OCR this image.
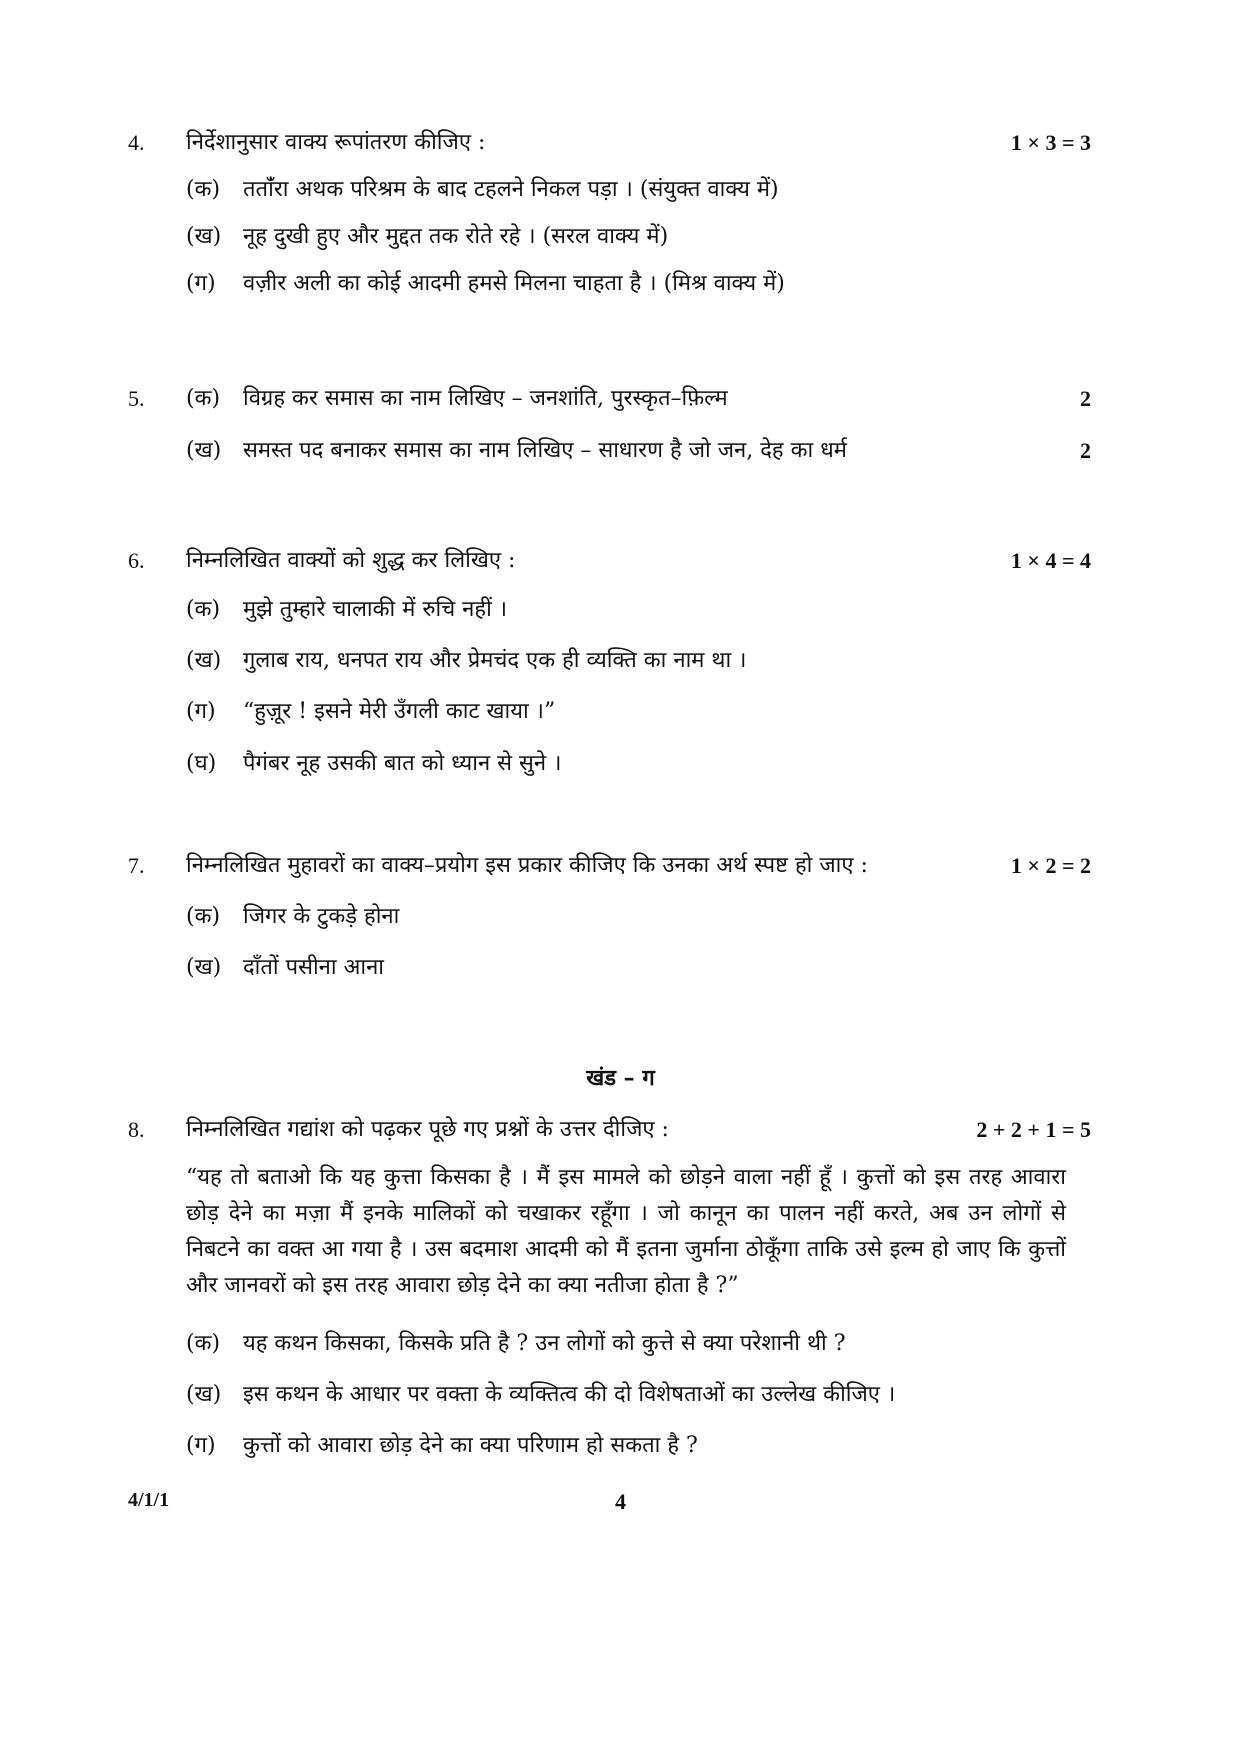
4. निर्देशानुसार वाक्य रूपांतरण कीजिए :	1 × 3 = 3
(क) ततांँरा अथक परिश्रम के बाद टहलने निकल पड़ा । (संयुक्त वाक्य में)
(ख) नूह दुखी हुए और मुद्दत तक रोते रहे । (सरल वाक्य में)
(ग) वज़ीर अली का कोई आदमी हमसे मिलना चाहता है । (मिश्र वाक्य में)
5. (क) विग्रह कर समास का नाम लिखिए – जनशांति, पुरस्कृत–फ़िल्म	2
(ख) समस्त पद बनाकर समास का नाम लिखिए – साधारण है जो जन, देह का धर्म	2
6. निम्नलिखित वाक्यों को शुद्ध कर लिखिए :	1 × 4 = 4
(क) मुझे तुम्हारे चालाकी में रुचि नहीं ।
(ख) गुलाब राय, धनपत राय और प्रेमचंद एक ही व्यक्ति का नाम था ।
(ग) “हुज़ूर ! इसने मेरी उँगली काट खाया ।”
(घ) पैगंबर नूह उसकी बात को ध्यान से सुने ।
7. निम्नलिखित मुहावरों का वाक्य–प्रयोग इस प्रकार कीजिए कि उनका अर्थ स्पष्ट हो जाए :	1 × 2 = 2
(क) जिगर के टुकड़े होना
(ख) दाँतों पसीना आना
खंड – ग
8. निम्नलिखित गद्यांश को पढ़कर पूछे गए प्रश्नों के उत्तर दीजिए :	2 + 2 + 1 = 5
“यह तो बताओ कि यह कुत्ता किसका है । मैं इस मामले को छोड़ने वाला नहीं हूँ । कुत्तों को इस तरह आवारा छोड़ देने का मज़ा मैं इनके मालिकों को चखाकर रहूँगा । जो कानून का पालन नहीं करते, अब उन लोगों से निबटने का वक्त आ गया है । उस बदमाश आदमी को मैं इतना जुर्माना ठोकूँगा ताकि उसे इल्म हो जाए कि कुत्तों और जानवरों को इस तरह आवारा छोड़ देने का क्या नतीजा होता है ?”
(क) यह कथन किसका, किसके प्रति है ? उन लोगों को कुत्ते से क्या परेशानी थी ?
(ख) इस कथन के आधार पर वक्ता के व्यक्तित्व की दो विशेषताओं का उल्लेख कीजिए ।
(ग) कुत्तों को आवारा छोड़ देने का क्या परिणाम हो सकता है ?
4/1/1	4
